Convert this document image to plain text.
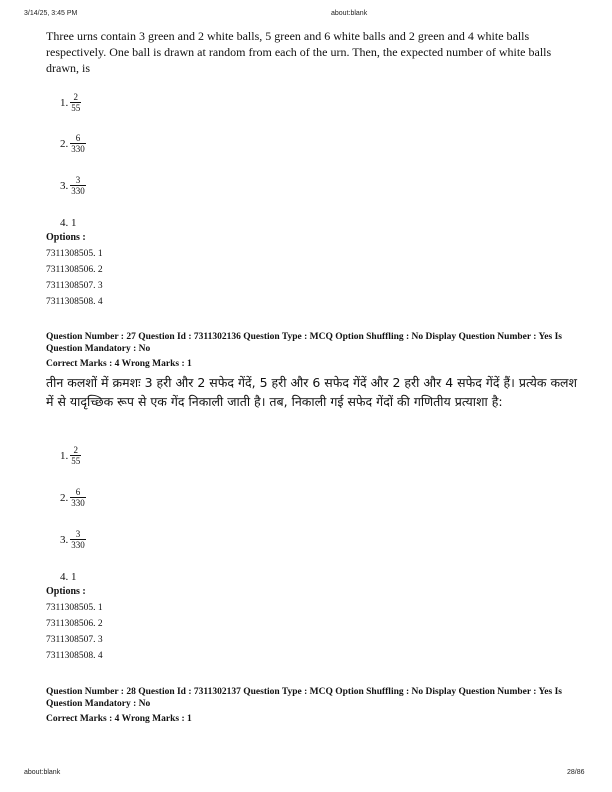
3/14/25, 3:45 PM	about:blank
Three urns contain 3 green and 2 white balls, 5 green and 6 white balls and 2 green and 4 white balls respectively. One ball is drawn at random from each of the urn. Then, the expected number of white balls drawn, is
1. $\frac{2}{55}$
2. $\frac{6}{330}$
3. $\frac{3}{330}$
4. 1
Options :
7311308505. 1
7311308506. 2
7311308507. 3
7311308508. 4
Question Number : 27 Question Id : 7311302136 Question Type : MCQ Option Shuffling : No Display Question Number : Yes Is Question Mandatory : No
Correct Marks : 4 Wrong Marks : 1
तीन कलशों में क्रमशः 3 हरी और 2 सफेद गेंदें, 5 हरी और 6 सफेद गेंदें और 2 हरी और 4 सफेद गेंदें हैं। प्रत्येक कलश में से यादृच्छिक रूप से एक गेंद निकाली जाती है। तब, निकाली गई सफेद गेंदों की गणितीय प्रत्याशा है:
1. $\frac{2}{55}$
2. $\frac{6}{330}$
3. $\frac{3}{330}$
4. 1
Options :
7311308505. 1
7311308506. 2
7311308507. 3
7311308508. 4
Question Number : 28 Question Id : 7311302137 Question Type : MCQ Option Shuffling : No Display Question Number : Yes Is Question Mandatory : No
Correct Marks : 4 Wrong Marks : 1
about:blank	28/86
